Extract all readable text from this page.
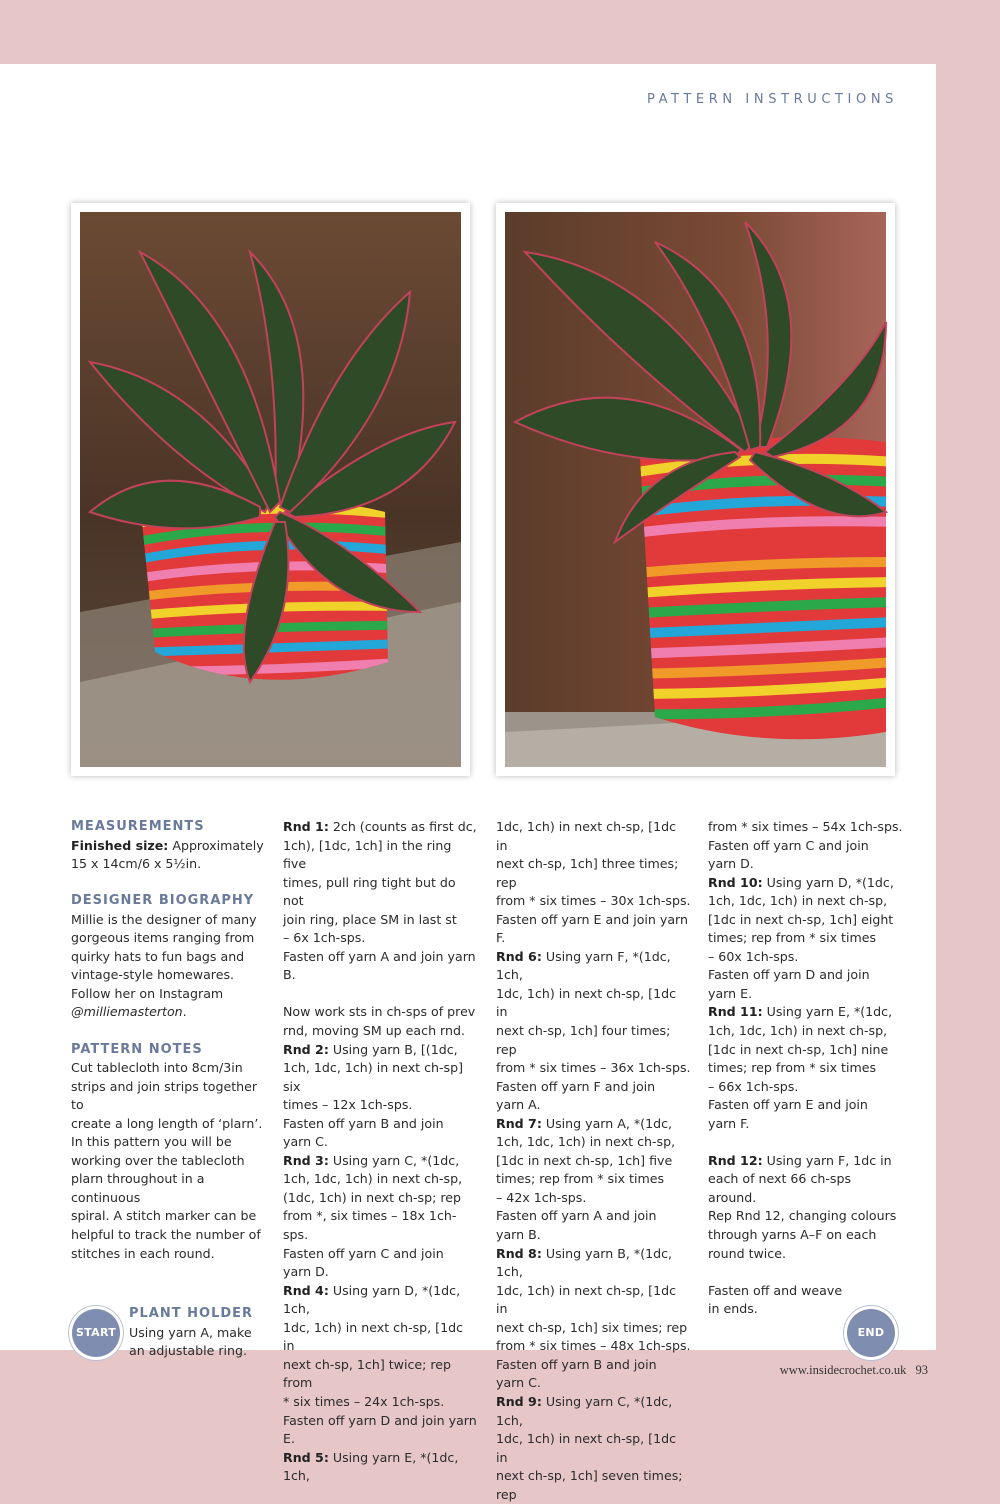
PATTERN INSTRUCTIONS

MEASUREMENTS

Finished size: Approximately

15 x 14cm/6 x 5½in.

DESIGNER BIOGRAPHY

Millie is the designer of many

gorgeous items ranging from

quirky hats to fun bags and

vintage-style homewares.

Follow her on Instagram

@milliemasterton.

PATTERN NOTES

Cut tablecloth into 8cm/3in

strips and join strips together to

create a long length of ‘plarn’.

In this pattern you will be

working over the tablecloth

plarn throughout in a continuous

spiral. A stitch marker can be

helpful to track the number of

stitches in each round.

START

PLANT HOLDER

Using yarn A, make

an adjustable ring.

Rnd 1: 2ch (counts as first dc,

1ch), [1dc, 1ch] in the ring five

times, pull ring tight but do not

join ring, place SM in last st

– 6x 1ch-sps.

Fasten off yarn A and join yarn B.

Now work sts in ch-sps of prev

rnd, moving SM up each rnd.

Rnd 2: Using yarn B, [(1dc,

1ch, 1dc, 1ch) in next ch-sp] six

times – 12x 1ch-sps.

Fasten off yarn B and join

yarn C.

Rnd 3: Using yarn C, *(1dc,

1ch, 1dc, 1ch) in next ch-sp,

(1dc, 1ch) in next ch-sp; rep

from *, six times – 18x 1ch-sps.

Fasten off yarn C and join

yarn D.

Rnd 4: Using yarn D, *(1dc, 1ch,

1dc, 1ch) in next ch-sp, [1dc in

next ch-sp, 1ch] twice; rep from

* six times – 24x 1ch-sps.

Fasten off yarn D and join yarn E.

Rnd 5: Using yarn E, *(1dc, 1ch,

1dc, 1ch) in next ch-sp, [1dc in

next ch-sp, 1ch] three times; rep

from * six times – 30x 1ch-sps.

Fasten off yarn E and join yarn F.

Rnd 6: Using yarn F, *(1dc, 1ch,

1dc, 1ch) in next ch-sp, [1dc in

next ch-sp, 1ch] four times; rep

from * six times – 36x 1ch-sps.

Fasten off yarn F and join

yarn A.

Rnd 7: Using yarn A, *(1dc,

1ch, 1dc, 1ch) in next ch-sp,

[1dc in next ch-sp, 1ch] five

times; rep from * six times

– 42x 1ch-sps.

Fasten off yarn A and join

yarn B.

Rnd 8: Using yarn B, *(1dc, 1ch,

1dc, 1ch) in next ch-sp, [1dc in

next ch-sp, 1ch] six times; rep

from * six times – 48x 1ch-sps.

Fasten off yarn B and join

yarn C.

Rnd 9: Using yarn C, *(1dc, 1ch,

1dc, 1ch) in next ch-sp, [1dc in

next ch-sp, 1ch] seven times; rep

from * six times – 54x 1ch-sps.

Fasten off yarn C and join

yarn D.

Rnd 10: Using yarn D, *(1dc,

1ch, 1dc, 1ch) in next ch-sp,

[1dc in next ch-sp, 1ch] eight

times; rep from * six times

– 60x 1ch-sps.

Fasten off yarn D and join

yarn E.

Rnd 11: Using yarn E, *(1dc,

1ch, 1dc, 1ch) in next ch-sp,

[1dc in next ch-sp, 1ch] nine

times; rep from * six times

– 66x 1ch-sps.

Fasten off yarn E and join

yarn F.

Rnd 12: Using yarn F, 1dc in

each of next 66 ch-sps around.

Rep Rnd 12, changing colours

through yarns A–F on each

round twice.

Fasten off and weave

in ends.

END
www.insidecrochet.co.uk 93
